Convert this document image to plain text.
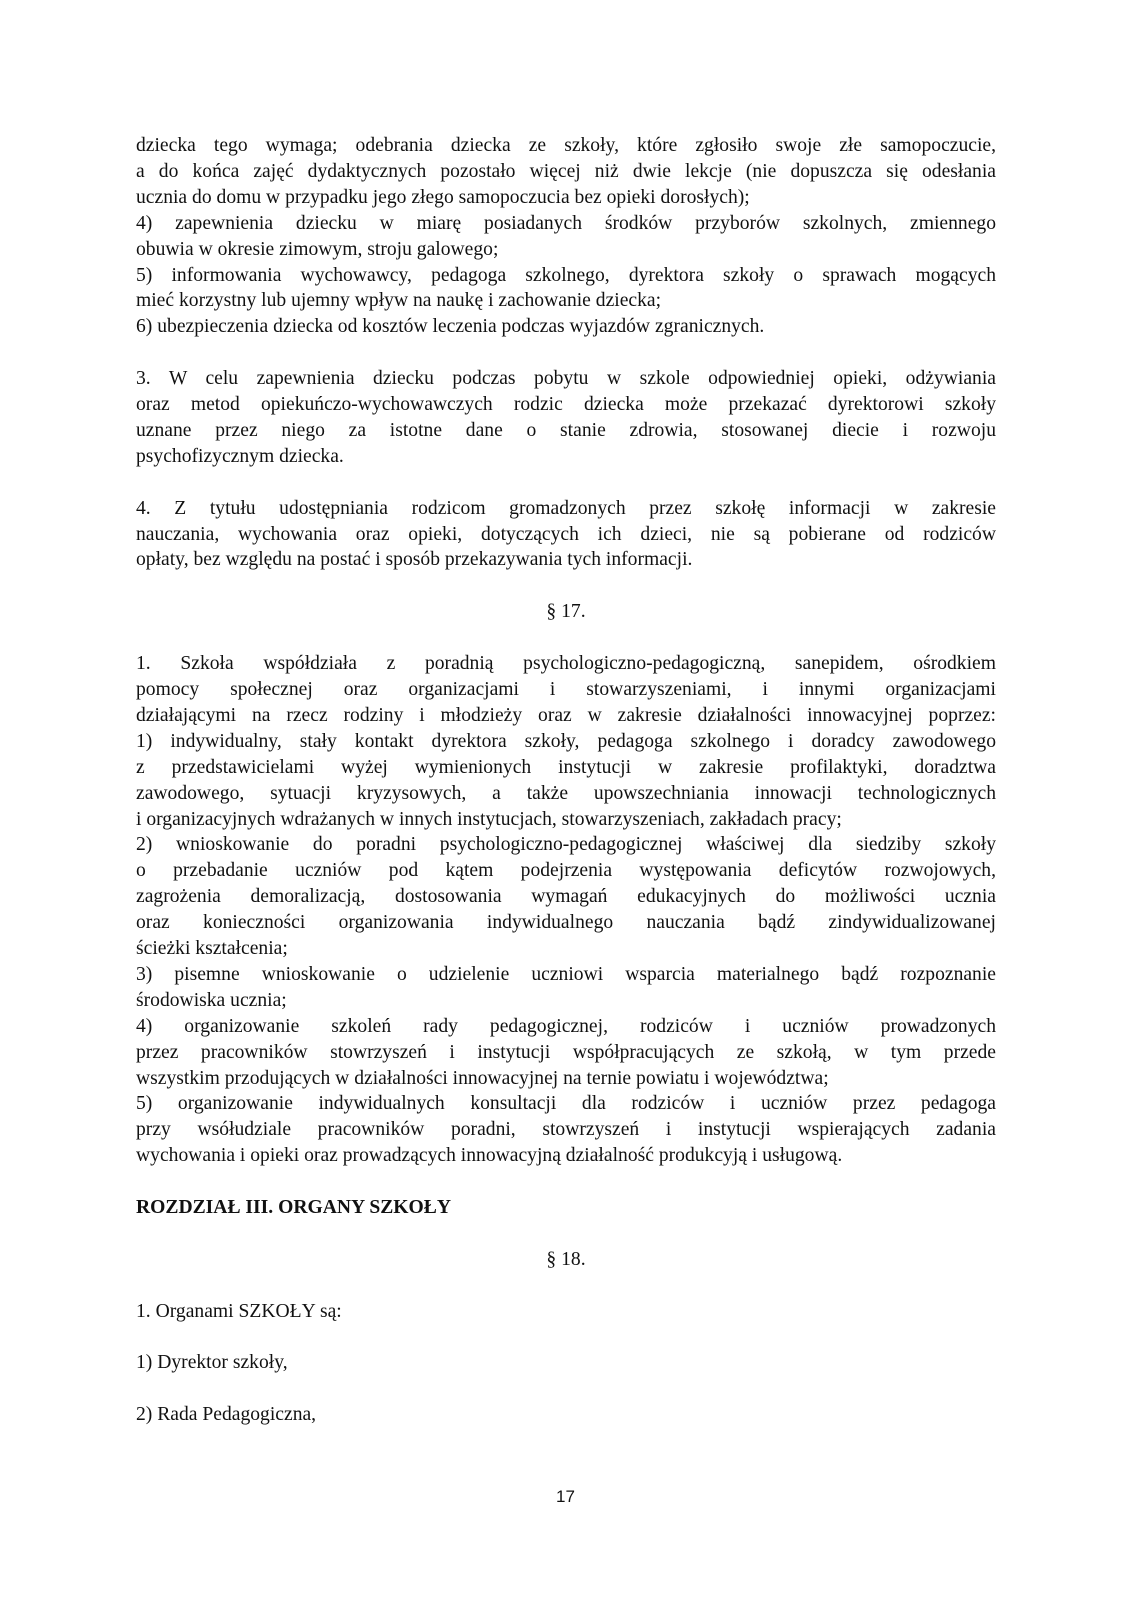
dziecka tego wymaga; odebrania dziecka ze szkoły, które zgłosiło swoje złe samopoczucie,

a do końca zajęć dydaktycznych pozostało więcej niż dwie lekcje (nie dopuszcza się odesłania

ucznia do domu w przypadku jego złego samopoczucia bez opieki dorosłych);

4) zapewnienia dziecku w miarę posiadanych środków przyborów szkolnych, zmiennego

obuwia w okresie zimowym, stroju galowego;

5) informowania wychowawcy, pedagoga szkolnego, dyrektora szkoły o sprawach mogących

mieć korzystny lub ujemny wpływ na naukę i zachowanie dziecka;

6) ubezpieczenia dziecka od kosztów leczenia podczas wyjazdów zgranicznych.

3. W celu zapewnienia dziecku podczas pobytu w szkole odpowiedniej opieki, odżywiania

oraz metod opiekuńczo-wychowawczych rodzic dziecka może przekazać dyrektorowi szkoły

uznane przez niego za istotne dane o stanie zdrowia, stosowanej diecie i rozwoju

psychofizycznym dziecka.

4. Z tytułu udostępniania rodzicom gromadzonych przez szkołę informacji w zakresie

nauczania, wychowania oraz opieki, dotyczących ich dzieci, nie są pobierane od rodziców

opłaty, bez względu na postać i sposób przekazywania tych informacji.

§ 17.

1. Szkoła współdziała z poradnią psychologiczno-pedagogiczną, sanepidem, ośrodkiem

pomocy społecznej oraz organizacjami i stowarzyszeniami, i innymi organizacjami

działającymi na rzecz rodziny i młodzieży oraz w zakresie działalności innowacyjnej poprzez:

1) indywidualny, stały kontakt dyrektora szkoły, pedagoga szkolnego i doradcy zawodowego

z przedstawicielami wyżej wymienionych instytucji w zakresie profilaktyki, doradztwa

zawodowego, sytuacji kryzysowych, a także upowszechniania innowacji technologicznych

i organizacyjnych wdrażanych w innych instytucjach, stowarzyszeniach, zakładach pracy;

2) wnioskowanie do poradni psychologiczno-pedagogicznej właściwej dla siedziby szkoły

o przebadanie uczniów pod kątem podejrzenia występowania deficytów rozwojowych,

zagrożenia demoralizacją, dostosowania wymagań edukacyjnych do możliwości ucznia

oraz konieczności organizowania indywidualnego nauczania bądź zindywidualizowanej

ścieżki kształcenia;

3) pisemne wnioskowanie o udzielenie uczniowi wsparcia materialnego bądź rozpoznanie

środowiska ucznia;

4) organizowanie szkoleń rady pedagogicznej, rodziców i uczniów prowadzonych

przez pracowników stowrzyszeń i instytucji współpracujących ze szkołą, w tym przede

wszystkim przodujących w działalności innowacyjnej na ternie powiatu i województwa;

5) organizowanie indywidualnych konsultacji dla rodziców i uczniów przez pedagoga

przy wsółudziale pracowników poradni, stowrzyszeń i instytucji wspierających zadania

wychowania i opieki oraz prowadzących innowacyjną działalność produkcyją i usługową.

ROZDZIAŁ III. ORGANY SZKOŁY

§ 18.

1. Organami SZKOŁY są:

1) Dyrektor szkoły,

2) Rada Pedagogiczna,

17
